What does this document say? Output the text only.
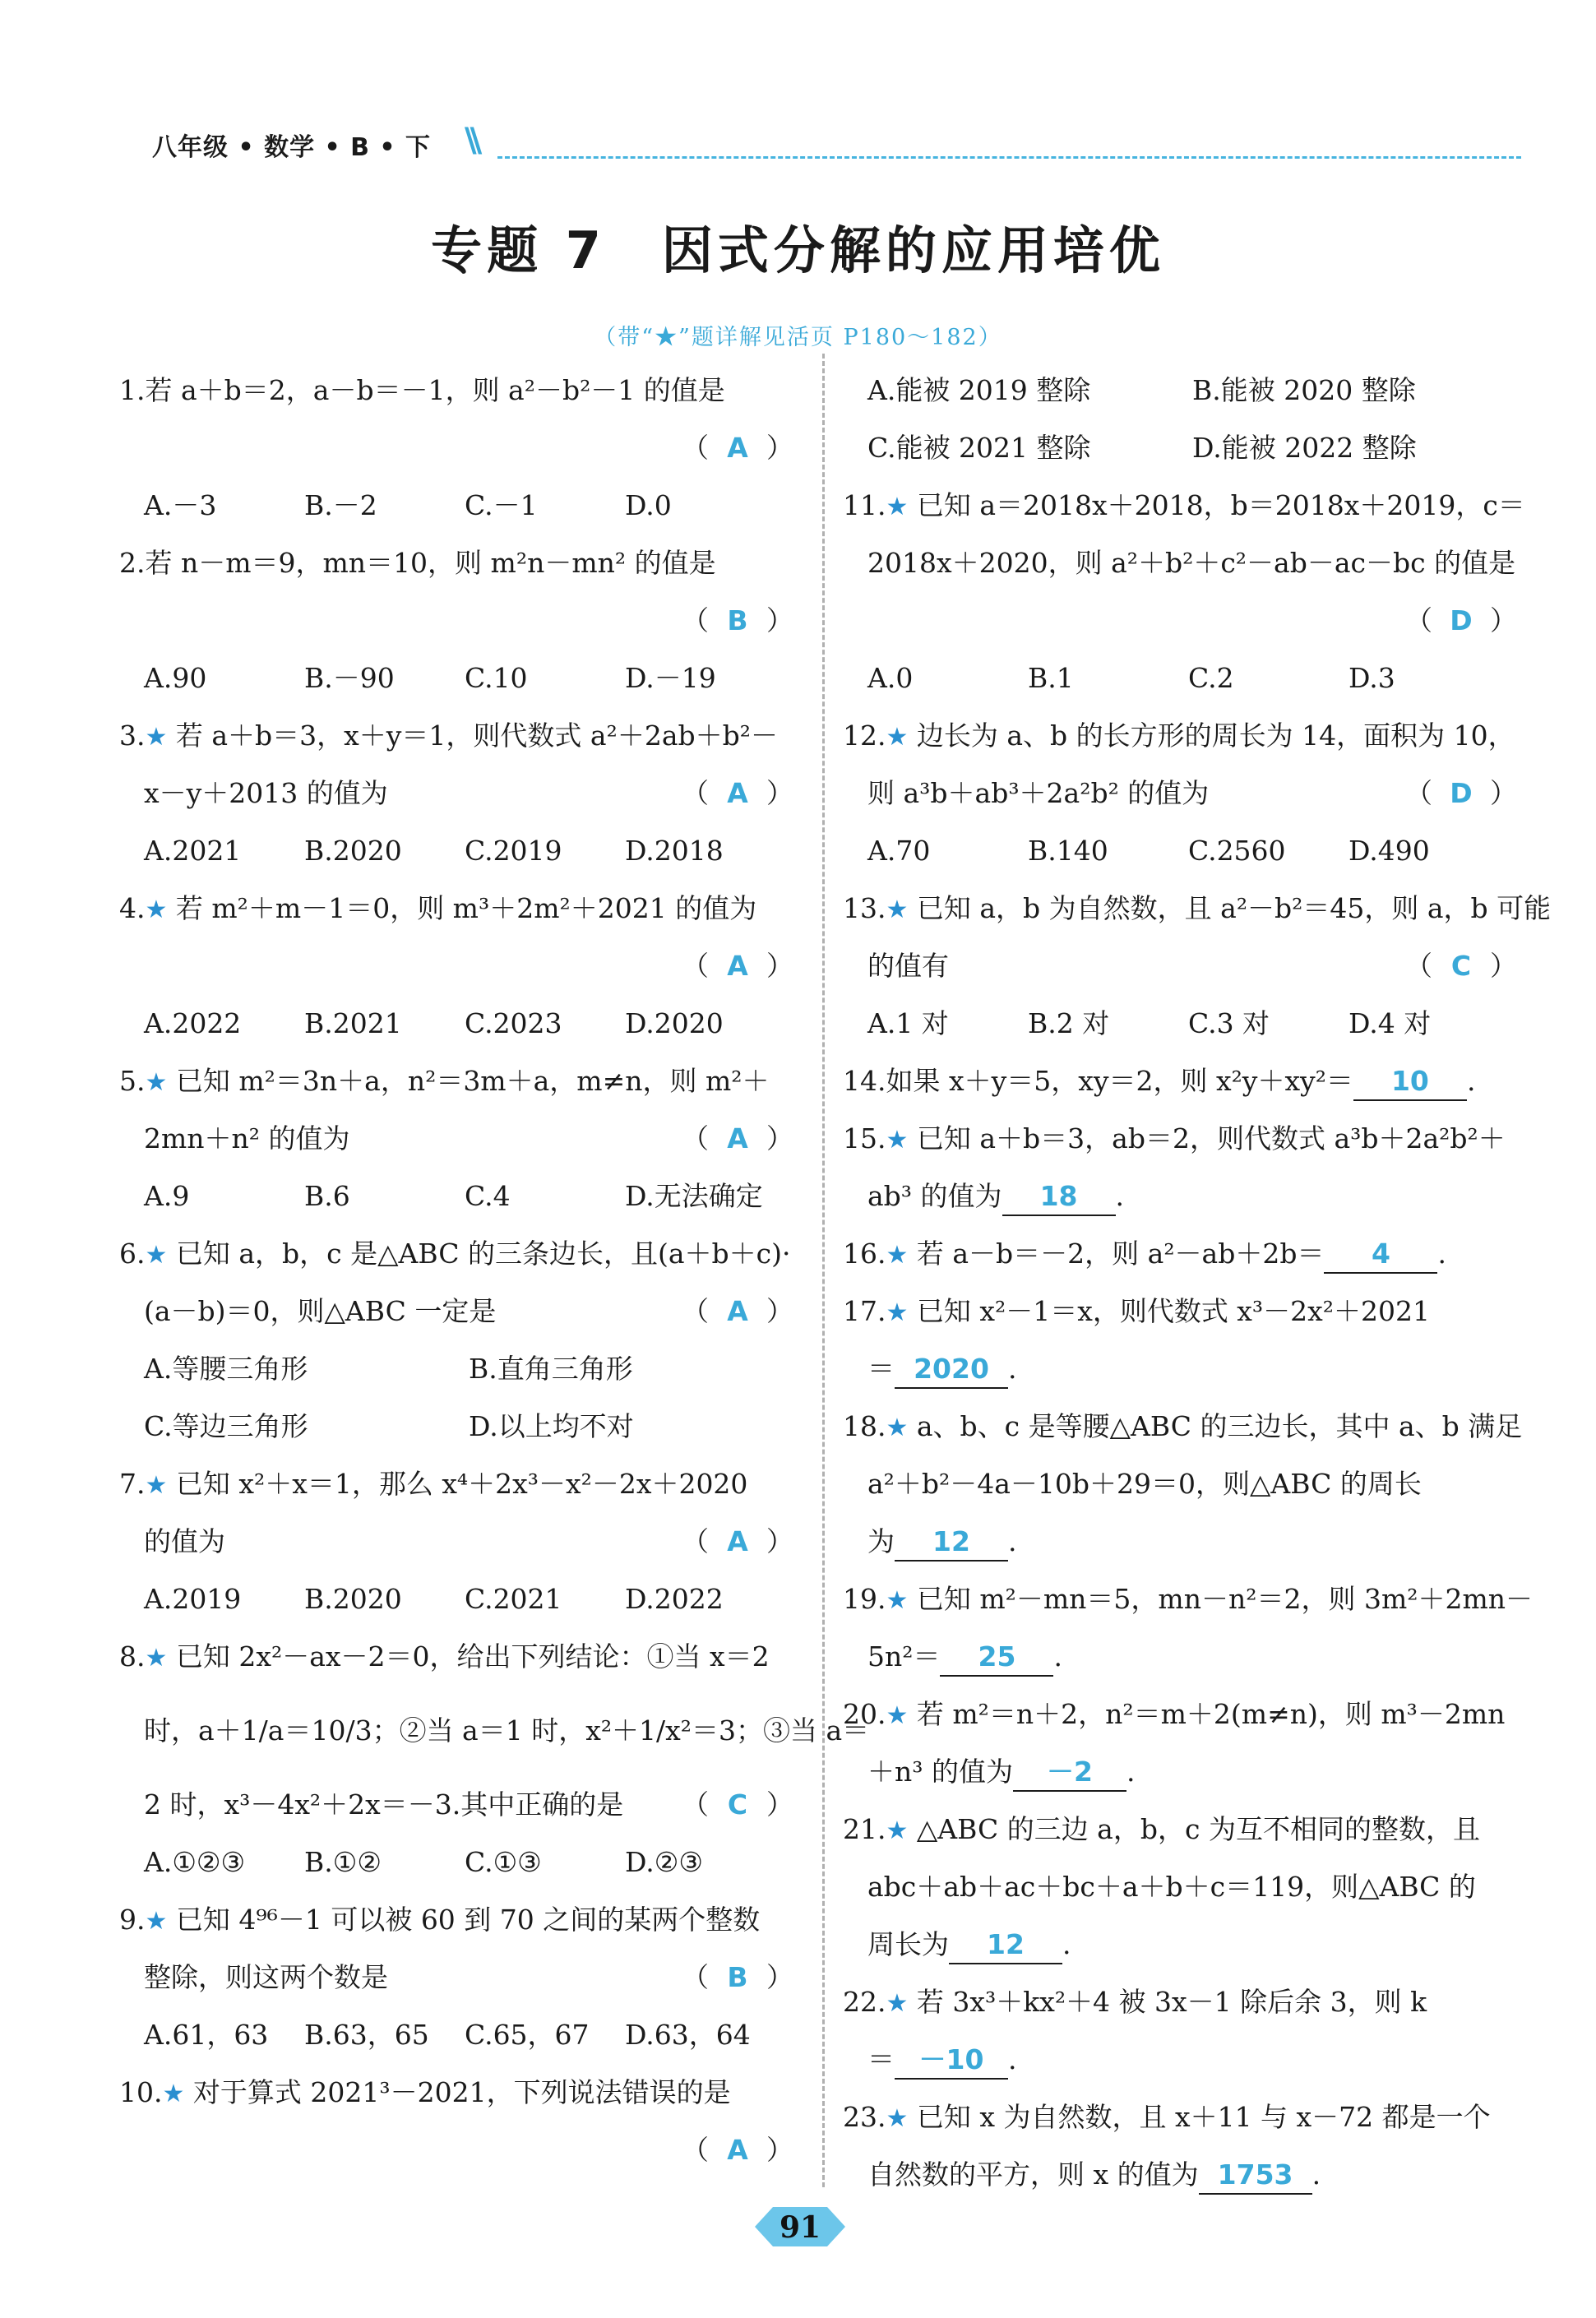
八年级 • 数学 • B • 下 \\
专题 7　因式分解的应用培优
（带“★”题详解见活页 P180～182）
1.若 a＋b＝2，a－b＝－1，则 a²－b²－1 的值是
（ A ）
A.－3	B.－2	C.－1	D.0
2.若 n－m＝9，mn＝10，则 m²n－mn² 的值是
（ B ）
A.90	B.－90	C.10	D.－19
3.★ 若 a＋b＝3，x＋y＝1，则代数式 a²＋2ab＋b²－
x－y＋2013 的值为	（ A ）
A.2021	B.2020	C.2019	D.2018
4.★ 若 m²＋m－1＝0，则 m³＋2m²＋2021 的值为
（ A ）
A.2022	B.2021	C.2023	D.2020
5.★ 已知 m²＝3n＋a，n²＝3m＋a，m≠n，则 m²＋
2mn＋n² 的值为	（ A ）
A.9	B.6	C.4	D.无法确定
6.★ 已知 a，b，c 是△ABC 的三条边长，且(a＋b＋c)·
(a－b)＝0，则△ABC 一定是	（ A ）
A.等腰三角形	B.直角三角形
C.等边三角形	D.以上均不对
7.★ 已知 x²＋x＝1，那么 x⁴＋2x³－x²－2x＋2020
的值为	（ A ）
A.2019	B.2020	C.2021	D.2022
8.★ 已知 2x²－ax－2＝0，给出下列结论：①当 x＝2
时，a＋1/a＝10/3；②当 a＝1 时，x²＋1/x²＝3；③当 a＝
2 时，x³－4x²＋2x＝－3.其中正确的是 （ C ）
A.①②③	B.①②	C.①③	D.②③
9.★ 已知 4⁹⁶－1 可以被 60 到 70 之间的某两个整数
整除，则这两个数是	（ B ）
A.61，63	B.63，65	C.65，67	D.63，64
10.★ 对于算式 2021³－2021，下列说法错误的是
（ A ）
A.能被 2019 整除	B.能被 2020 整除
C.能被 2021 整除	D.能被 2022 整除
11.★ 已知 a＝2018x＋2018，b＝2018x＋2019，c＝
2018x＋2020，则 a²＋b²＋c²－ab－ac－bc 的值是
（ D ）
A.0	B.1	C.2	D.3
12.★ 边长为 a、b 的长方形的周长为 14，面积为 10，
则 a³b＋ab³＋2a²b² 的值为	（ D ）
A.70	B.140	C.2560	D.490
13.★ 已知 a，b 为自然数，且 a²－b²＝45，则 a，b 可能
的值有	（ C ）
A.1 对	B.2 对	C.3 对	D.4 对
14.如果 x＋y＝5，xy＝2，则 x²y＋xy²＝ 10 .
15.★ 已知 a＋b＝3，ab＝2，则代数式 a³b＋2a²b²＋
ab³ 的值为 18 .
16.★ 若 a－b＝－2，则 a²－ab＋2b＝ 4 .
17.★ 已知 x²－1＝x，则代数式 x³－2x²＋2021
＝ 2020 .
18.★ a、b、c 是等腰△ABC 的三边长，其中 a、b 满足
a²＋b²－4a－10b＋29＝0，则△ABC 的周长
为 12 .
19.★ 已知 m²－mn＝5，mn－n²＝2，则 3m²＋2mn－
5n²＝ 25 .
20.★ 若 m²＝n＋2，n²＝m＋2(m≠n)，则 m³－2mn
＋n³ 的值为 －2 .
21.★ △ABC 的三边 a，b，c 为互不相同的整数，且
abc＋ab＋ac＋bc＋a＋b＋c＝119，则△ABC 的
周长为 12 .
22.★ 若 3x³＋kx²＋4 被 3x－1 除后余 3，则 k
＝ －10 .
23.★ 已知 x 为自然数，且 x＋11 与 x－72 都是一个
自然数的平方，则 x 的值为 1753 .
91
